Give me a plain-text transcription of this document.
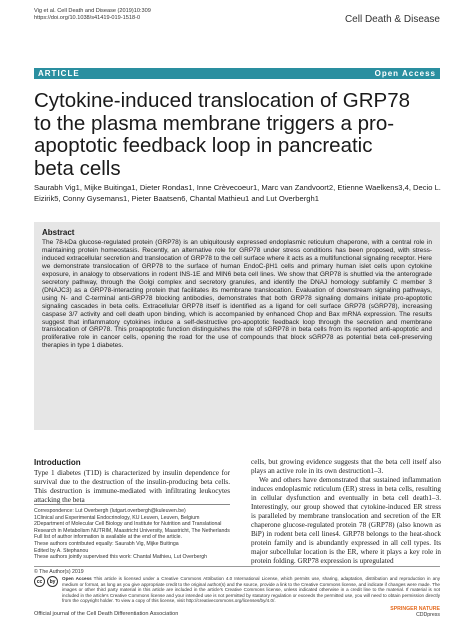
Vig et al. Cell Death and Disease (2019)10:309
https://doi.org/10.1038/s41419-019-1518-0	Cell Death & Disease
ARTICLE	Open Access
Cytokine-induced translocation of GRP78 to the plasma membrane triggers a pro-apoptotic feedback loop in pancreatic beta cells
Saurabh Vig1, Mijke Buitinga1, Dieter Rondas1, Inne Crèvecoeur1, Marc van Zandvoort2, Etienne Waelkens3,4, Decio L. Eizirik5, Conny Gysemans1, Pieter Baatsen6, Chantal Mathieu1 and Lut Overbergh1
Abstract

The 78-kDa glucose-regulated protein (GRP78) is an ubiquitously expressed endoplasmic reticulum chaperone, with a central role in maintaining protein homeostasis. Recently, an alternative role for GRP78 under stress conditions has been proposed, with stress-induced extracellular secretion and translocation of GRP78 to the cell surface where it acts as a multifunctional signaling receptor. Here we demonstrate translocation of GRP78 to the surface of human EndoC-βH1 cells and primary human islet cells upon cytokine exposure, in analogy to observations in rodent INS-1E and MIN6 beta cell lines. We show that GRP78 is shuttled via the anterograde secretory pathway, through the Golgi complex and secretory granules, and identify the DNAJ homology subfamily C member 3 (DNAJC3) as a GRP78-interacting protein that facilitates its membrane translocation. Evaluation of downstream signaling pathways, using N- and C-terminal anti-GRP78 blocking antibodies, demonstrates that both GRP78 signaling domains initiate pro-apoptotic signaling cascades in beta cells. Extracellular GRP78 itself is identified as a ligand for cell surface GRP78 (sGRP78), increasing caspase 3/7 activity and cell death upon binding, which is accompanied by enhanced Chop and Bax mRNA expression. The results suggest that inflammatory cytokines induce a self-destructive pro-apoptotic feedback loop through the secretion and membrane translocation of GRP78. This proapoptotic function distinguishes the role of sGRP78 in beta cells from its reported anti-apoptotic and proliferative role in cancer cells, opening the road for the use of compounds that block sGRP78 as potential beta cell-preserving therapies in type 1 diabetes.

Introduction

Type 1 diabetes (T1D) is characterized by insulin dependence for survival due to the destruction of the insulin-producing beta cells. This destruction is immune-mediated with infiltrating leukocytes attacking the beta

Correspondence: Lut Overbergh (lutgart.overbergh@kuleuven.be)
1Clinical and Experimental Endocrinology, KU Leuven, Leuven, Belgium
2Department of Molecular Cell Biology and Institute for Nutrition and Translational Research in Metabolism NUTRIM, Maastricht University, Maastricht, The Netherlands
Full list of author information is available at the end of the article.
These authors contributed equally: Saurabh Vig, Mijke Buitinga
Edited by A. Stephanou
These authors jointly supervised this work: Chantal Mathieu, Lut Overbergh

cells, but growing evidence suggests that the beta cell itself also plays an active role in its own destruction1–3.

We and others have demonstrated that sustained inflammation induces endoplasmic reticulum (ER) stress in beta cells, resulting in cellular dysfunction and eventually in beta cell death1–3. Interestingly, our group showed that cytokine-induced ER stress is paralleled by membrane translocation and secretion of the ER chaperone glucose-regulated protein 78 (GRP78) (also known as BiP) in rodent beta cell lines4. GRP78 belongs to the heat-shock protein family and is abundantly expressed in all cell types. Its major subcellular location is the ER, where it plays a key role in protein folding. GRP78 expression is upregulated

© The Author(s) 2019
cc	by	Open Access This article is licensed under a Creative Commons Attribution 4.0 International License, which permits use, sharing, adaptation, distribution and reproduction in any medium or format, as long as you give appropriate credit to the original author(s) and the source, provide a link to the Creative Commons license, and indicate if changes were made. The images or other third party material in this article are included in the article's Creative Commons license, unless indicated otherwise in a credit line to the material. If material is not included in the article's Creative Commons license and your intended use is not permitted by statutory regulation or exceeds the permitted use, you will need to obtain permission directly from the copyright holder. To view a copy of this license, visit http://creativecommons.org/licenses/by/4.0/.
Official journal of the Cell Death Differentiation Association
SPRINGER NATURE
CDDpress
